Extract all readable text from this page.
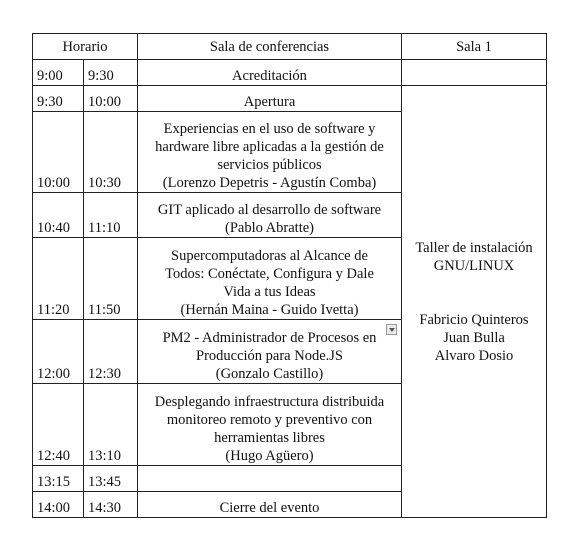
Horario		Sala de conferencias	Sala 1
9:00	9:30	Acreditación	

9:30	10:00	Apertura	Taller de instalación
GNU/LINUX
Fabricio Quinteros
Juan Bulla
Alvaro Dosio

10:00	10:30	Experiencias en el uso de software y
hardware libre aplicadas a la gestión de
servicios públicos
(Lorenzo Depetris - Agustín Comba)	

10:40	11:10	GIT aplicado al desarrollo de software
(Pablo Abratte)	

11:20	11:50	Supercomputadoras al Alcance de
Todos: Conéctate, Configura y Dale
Vida a tus Ideas
(Hernán Maina - Guido Ivetta)	

12:00	12:30	PM2 - Administrador de Procesos en
Producción para Node.JS
(Gonzalo Castillo)	

12:40	13:10	Desplegando infraestructura distribuida
monitoreo remoto y preventivo con
herramientas libres
(Hugo Agüero)	

13:15	13:45		
14:00	14:30	Cierre del evento	
